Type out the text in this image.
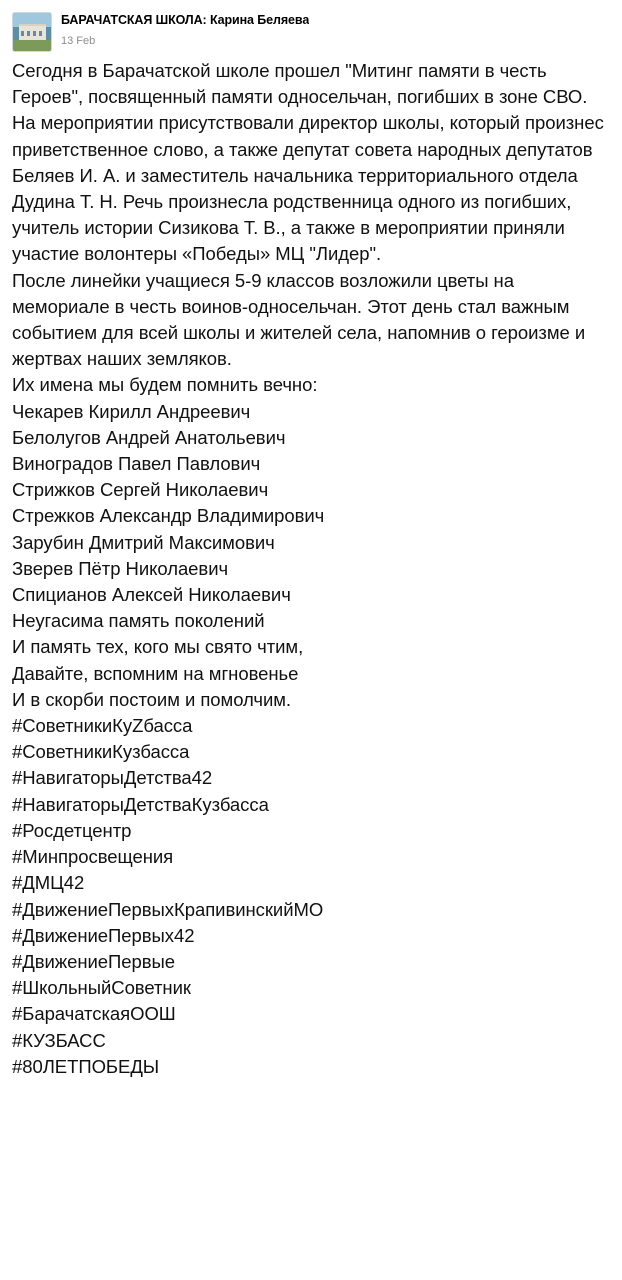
БАРАЧАТСКАЯ ШКОЛА: Карина Беляева
13 Feb

Сегодня в Барачатской школе прошел "Митинг памяти в честь Героев", посвященный памяти односельчан, погибших в зоне СВО. На мероприятии присутствовали директор школы, который произнес приветственное слово, а также депутат совета народных депутатов Беляев И. А. и заместитель начальника территориального отдела Дудина Т. Н. Речь произнесла родственница одного из погибших, учитель истории Сизикова Т. В., а также в мероприятии приняли участие волонтеры «Победы» МЦ "Лидер".

После линейки учащиеся 5-9 классов возложили цветы на мемориале в честь воинов-односельчан. Этот день стал важным событием для всей школы и жителей села, напомнив о героизме и жертвах наших земляков.

Их имена мы будем помнить вечно:
Чекарев Кирилл Андреевич
Белолугов Андрей Анатольевич
Виноградов Павел Павлович
Стрижков Сергей Николаевич
Стрежков Александр Владимирович
Зарубин Дмитрий Максимович
Зверев Пётр Николаевич
Спицианов Алексей Николаевич
Неугасима память поколений
И память тех, кого мы свято чтим,
Давайте, вспомним на мгновенье
И в скорби постоим и помолчим.
#СоветникиКуZбасса
#СоветникиКузбасса
#НавигаторыДетства42
#НавигаторыДетстваКузбасса
#Росдетцентр
#Минпросвещения
#ДМЦ42
#ДвижениеПервыхКрапивинскийМО
#ДвижениеПервых42
#ДвижениеПервые
#ШкольныйСоветник
#БарачатскаяООШ
#КУЗБАСС
#80ЛЕТПОБЕДЫ
